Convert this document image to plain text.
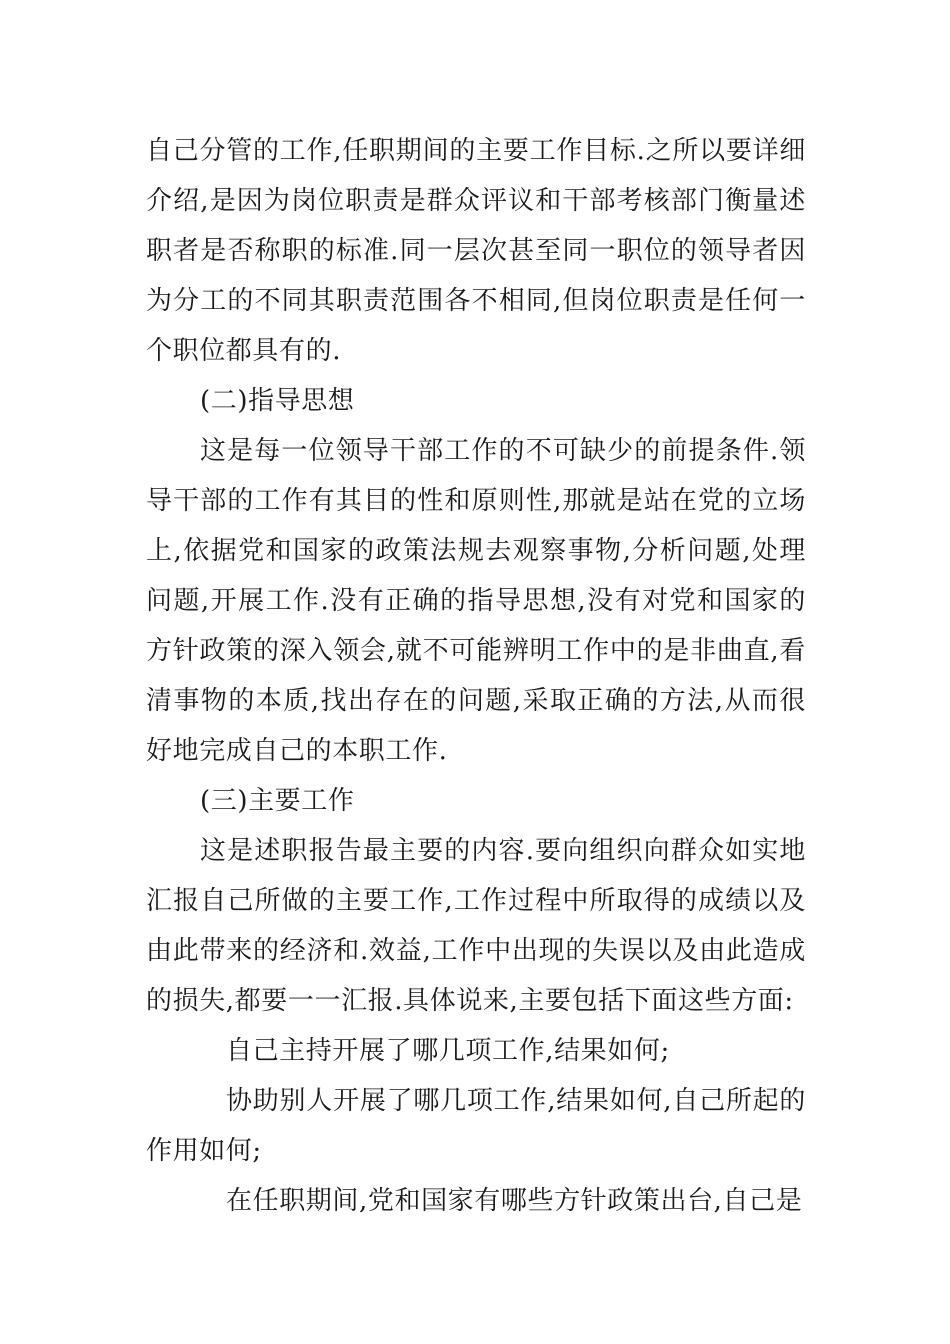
自己分管的工作,任职期间的主要工作目标.之所以要详细介绍,是因为岗位职责是群众评议和干部考核部门衡量述职者是否称职的标准.同一层次甚至同一职位的领导者因为分工的不同其职责范围各不相同,但岗位职责是任何一个职位都具有的.

(二)指导思想

这是每一位领导干部工作的不可缺少的前提条件.领导干部的工作有其目的性和原则性,那就是站在党的立场上,依据党和国家的政策法规去观察事物,分析问题,处理问题,开展工作.没有正确的指导思想,没有对党和国家的方针政策的深入领会,就不可能辨明工作中的是非曲直,看清事物的本质,找出存在的问题,采取正确的方法,从而很好地完成自己的本职工作.

(三)主要工作

这是述职报告最主要的内容.要向组织向群众如实地汇报自己所做的主要工作,工作过程中所取得的成绩以及由此带来的经济和.效益,工作中出现的失误以及由此造成的损失,都要一一汇报.具体说来,主要包括下面这些方面:

自己主持开展了哪几项工作,结果如何;

协助别人开展了哪几项工作,结果如何,自己所起的作用如何;

在任职期间,党和国家有哪些方针政策出台,自己是
